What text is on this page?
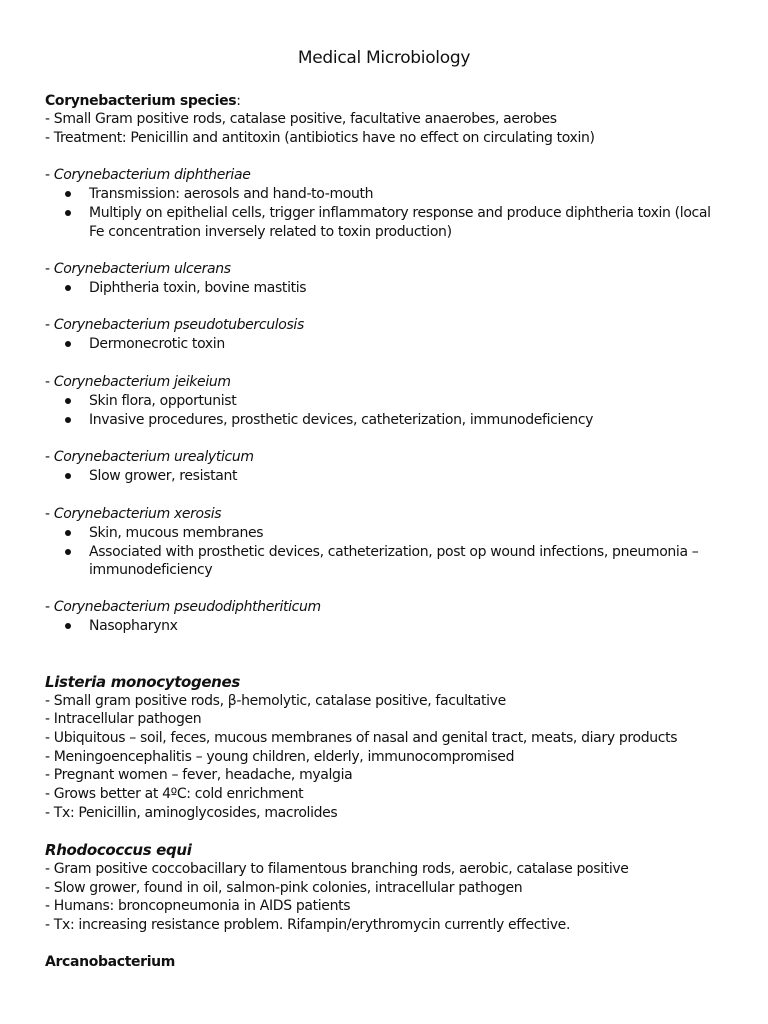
Medical Microbiology
Corynebacterium species:
- Small Gram positive rods, catalase positive, facultative anaerobes, aerobes
- Treatment: Penicillin and antitoxin (antibiotics have no effect on circulating toxin)
- Corynebacterium diphtheriae
Transmission: aerosols and hand-to-mouth
Multiply on epithelial cells, trigger inflammatory response and produce diphtheria toxin (local
Fe concentration inversely related to toxin production)
- Corynebacterium ulcerans
Diphtheria toxin, bovine mastitis
- Corynebacterium pseudotuberculosis
Dermonecrotic toxin
- Corynebacterium jeikeium
Skin flora, opportunist
Invasive procedures, prosthetic devices, catheterization, immunodeficiency
- Corynebacterium urealyticum
Slow grower, resistant
- Corynebacterium xerosis
Skin, mucous membranes
Associated with prosthetic devices, catheterization, post op wound infections, pneumonia –
immunodeficiency
- Corynebacterium pseudodiphtheriticum
Nasopharynx
Listeria monocytogenes
- Small gram positive rods, β-hemolytic, catalase positive, facultative
- Intracellular pathogen
- Ubiquitous – soil, feces, mucous membranes of nasal and genital tract, meats, diary products
- Meningoencephalitis – young children, elderly, immunocompromised
- Pregnant women – fever, headache, myalgia
- Grows better at 4ºC: cold enrichment
- Tx: Penicillin, aminoglycosides, macrolides
Rhodococcus equi
- Gram positive coccobacillary to filamentous branching rods, aerobic, catalase positive
- Slow grower, found in oil, salmon-pink colonies, intracellular pathogen
- Humans: broncopneumonia in AIDS patients
- Tx: increasing resistance problem. Rifampin/erythromycin currently effective.
Arcanobacterium
